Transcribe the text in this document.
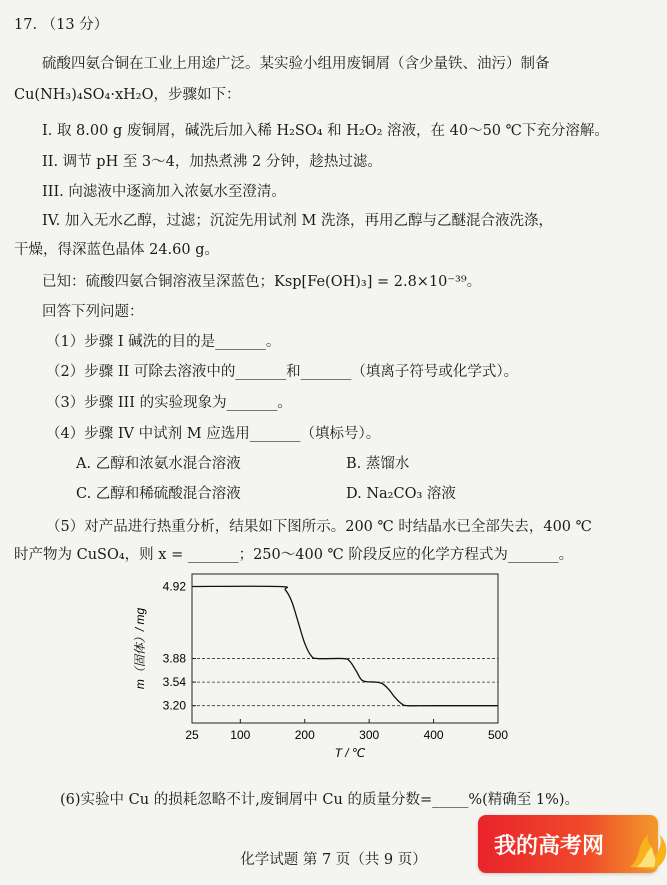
17. （13 分）
硫酸四氨合铜在工业上用途广泛。某实验小组用废铜屑（含少量铁、油污）制备
Cu(NH₃)₄SO₄·xH₂O，步骤如下：
I. 取 8.00 g 废铜屑，碱洗后加入稀 H₂SO₄ 和 H₂O₂ 溶液，在 40～50 ℃下充分溶解。
II. 调节 pH 至 3～4，加热煮沸 2 分钟，趁热过滤。
III. 向滤液中逐滴加入浓氨水至澄清。
IV. 加入无水乙醇，过滤；沉淀先用试剂 M 洗涤，再用乙醇与乙醚混合液洗涤，
干燥，得深蓝色晶体 24.60 g。
已知：硫酸四氨合铜溶液呈深蓝色；Ksp[Fe(OH)₃] = 2.8×10⁻³⁹。
回答下列问题：
（1）步骤 I 碱洗的目的是_______。
（2）步骤 II 可除去溶液中的_______和_______（填离子符号或化学式）。
（3）步骤 III 的实验现象为_______。
（4）步骤 IV 中试剂 M 应选用_______（填标号）。
A. 乙醇和浓氨水混合溶液	B. 蒸馏水
C. 乙醇和稀硫酸混合溶液	D. Na₂CO₃ 溶液
（5）对产品进行热重分析，结果如下图所示。200 ℃ 时结晶水已全部失去，400 ℃
时产物为 CuSO₄，则 x = _______；250～400 ℃ 阶段反应的化学方程式为_______。
4.92
3.88
3.54
3.20
25	100	200	300	400	500
T / ℃
m（固体）/ mg
(6)实验中 Cu 的损耗忽略不计,废铜屑中 Cu 的质量分数=_____%(精确至 1%)。
化学试题 第 7 页（共 9 页）
我的高考网
